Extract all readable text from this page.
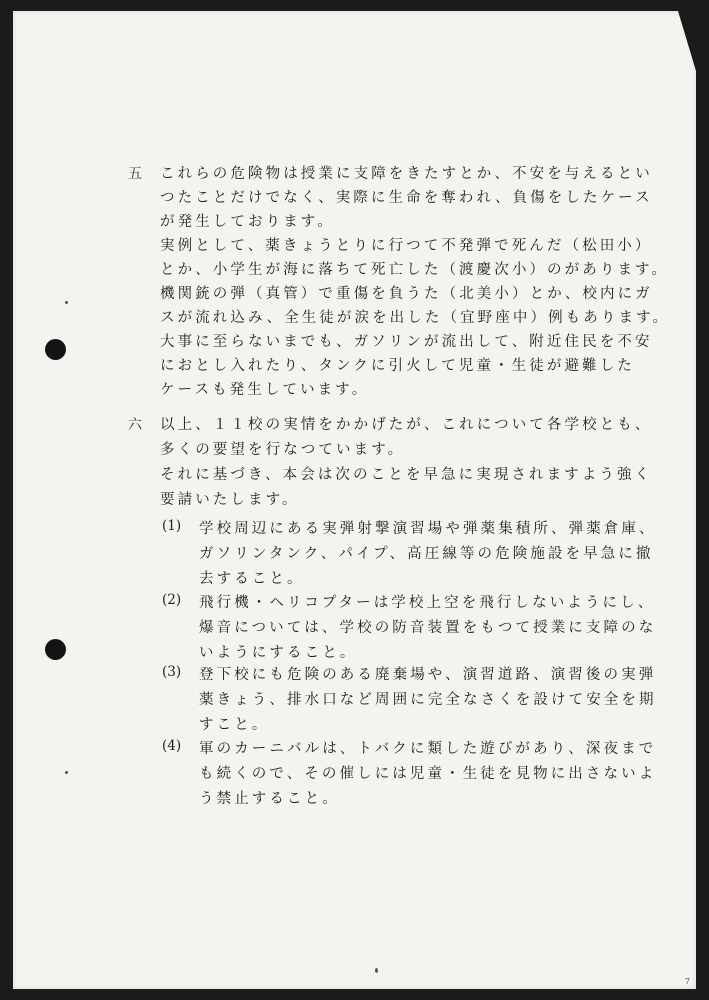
五 これらの危険物は授業に支障をきたすとか、不安を与えるとい
つたことだけでなく、実際に生命を奪われ、負傷をしたケース
が発生しております。
実例として、薬きょうとりに行つて不発弾で死んだ（松田小）
とか、小学生が海に落ちて死亡した（渡慶次小）のがあります。
機関銃の弾（真管）で重傷を負うた（北美小）とか、校内にガ
スが流れ込み、全生徒が涙を出した（宜野座中）例もあります。
大事に至らないまでも、ガソリンが流出して、附近住民を不安
におとし入れたり、タンクに引火して児童・生徒が避難した
ケースも発生しています。
六 以上、１１校の実情をかかげたが、これについて各学校とも、
多くの要望を行なつています。
それに基づき、本会は次のことを早急に実現されますよう強く
要請いたします。
(1) 学校周辺にある実弾射撃演習場や弾薬集積所、弾薬倉庫、
ガソリンタンク、パイプ、高圧線等の危険施設を早急に撤
去すること。
(2) 飛行機・ヘリコプターは学校上空を飛行しないようにし、
爆音については、学校の防音装置をもつて授業に支障のな
いようにすること。
(3) 登下校にも危険のある廃棄場や、演習道路、演習後の実弾
薬きょう、排水口など周囲に完全なさくを設けて安全を期
すこと。
(4) 軍のカーニバルは、トバクに類した遊びがあり、深夜まで
も続くので、その催しには児童・生徒を見物に出さないよ
う禁止すること。
7
